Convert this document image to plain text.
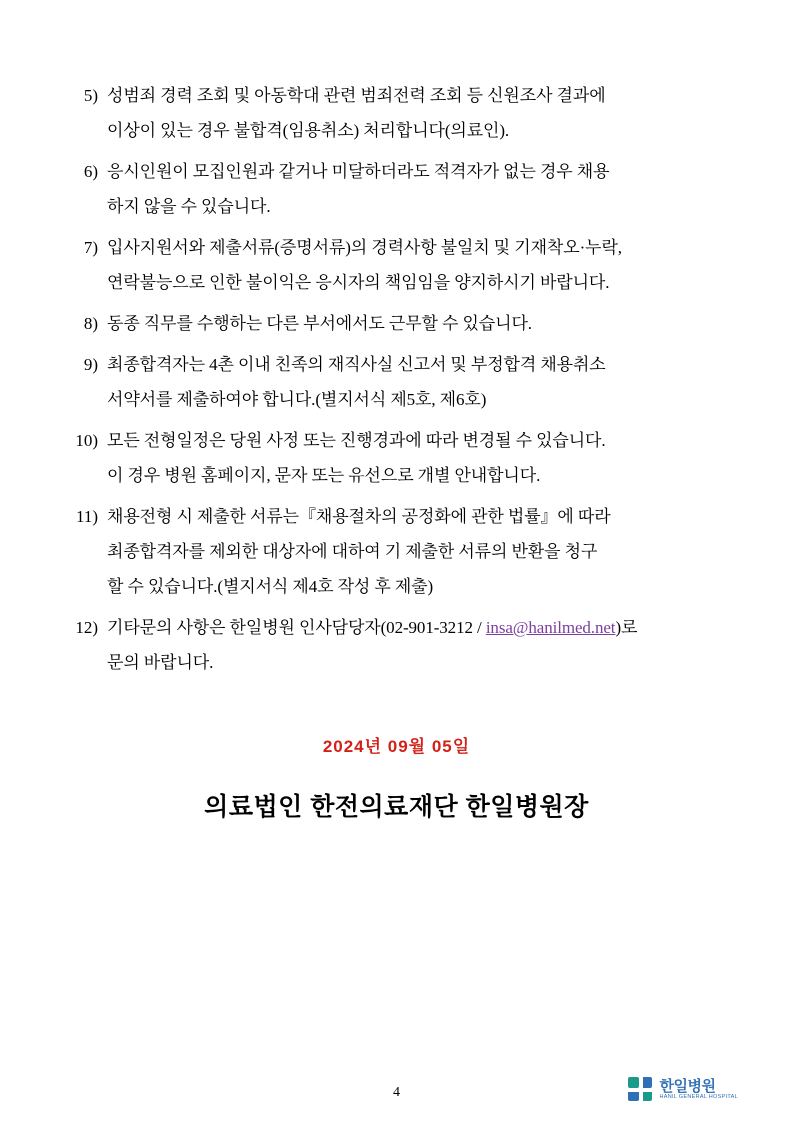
5) 성범죄 경력 조회 및 아동학대 관련 범죄전력 조회 등 신원조사 결과에
이상이 있는 경우 불합격(임용취소) 처리합니다(의료인).
6) 응시인원이 모집인원과 같거나 미달하더라도 적격자가 없는 경우 채용
하지 않을 수 있습니다.
7) 입사지원서와 제출서류(증명서류)의 경력사항 불일치 및 기재착오·누락,
연락불능으로 인한 불이익은 응시자의 책임임을 양지하시기 바랍니다.
8) 동종 직무를 수행하는 다른 부서에서도 근무할 수 있습니다.
9) 최종합격자는 4촌 이내 친족의 재직사실 신고서 및 부정합격 채용취소
서약서를 제출하여야 합니다.(별지서식 제5호, 제6호)
10) 모든 전형일정은 당원 사정 또는 진행경과에 따라 변경될 수 있습니다.
이 경우 병원 홈페이지, 문자 또는 유선으로 개별 안내합니다.
11) 채용전형 시 제출한 서류는『채용절차의 공정화에 관한 법률』에 따라
최종합격자를 제외한 대상자에 대하여 기 제출한 서류의 반환을 청구
할 수 있습니다.(별지서식 제4호 작성 후 제출)
12) 기타문의 사항은 한일병원 인사담당자(02-901-3212 / insa@hanilmed.net)로
문의 바랍니다.
2024년 09월 05일
의료법인 한전의료재단 한일병원장
4	한일병원
HANIL GENERAL HOSPITAL
